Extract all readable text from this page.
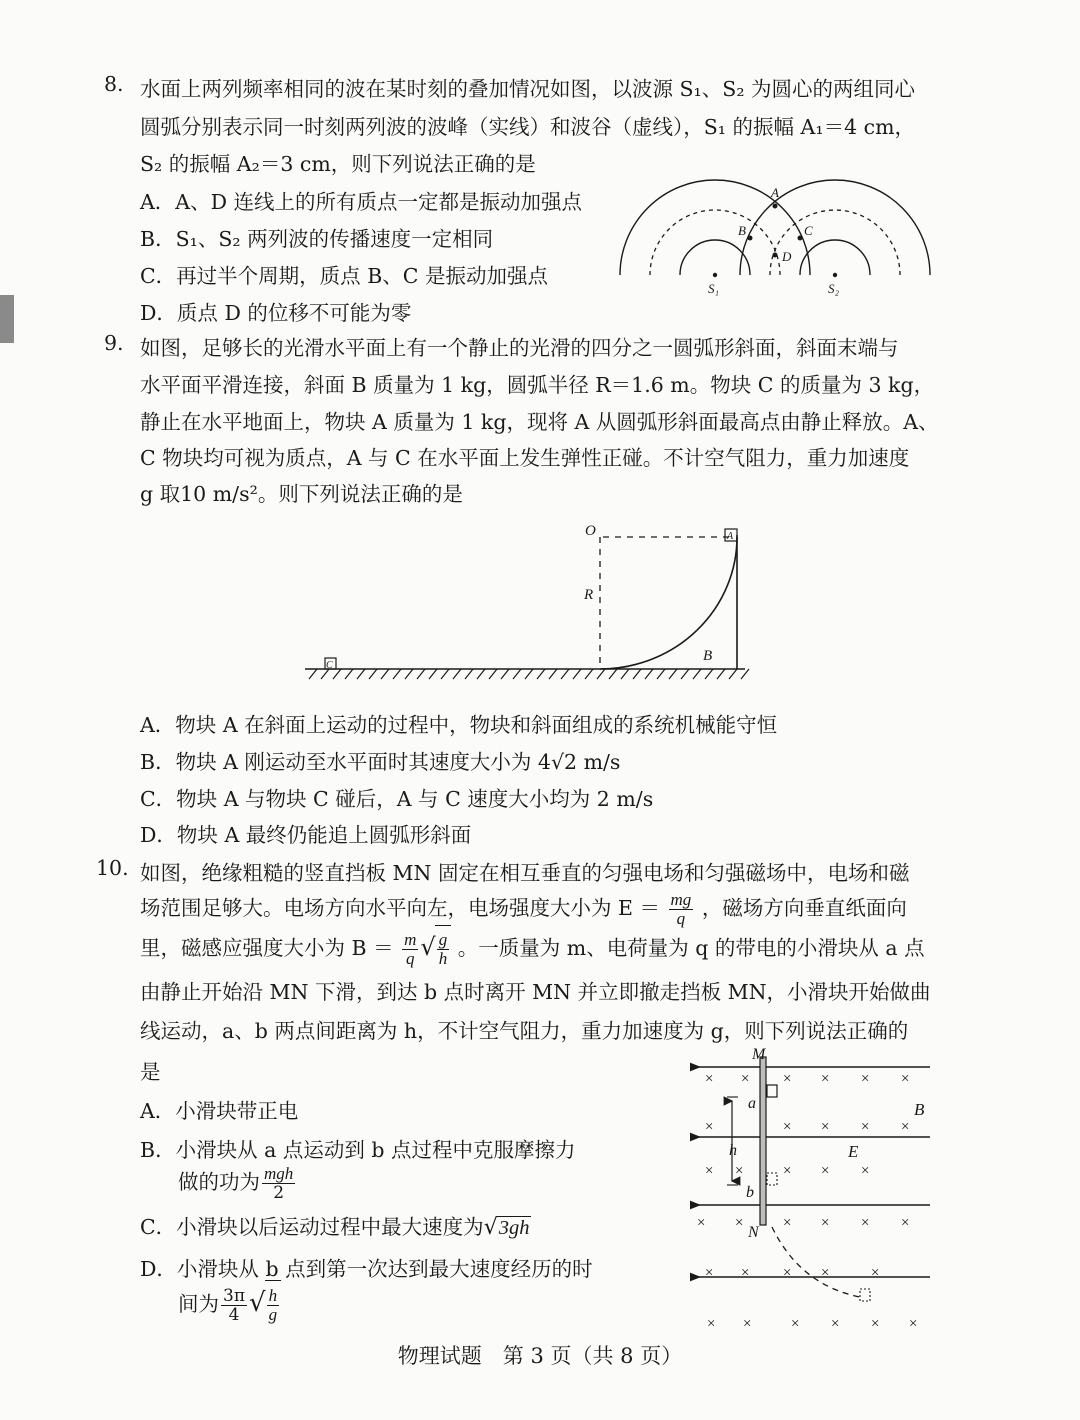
8. 水面上两列频率相同的波在某时刻的叠加情况如图，以波源 S₁、S₂ 为圆心的两组同心
圆弧分别表示同一时刻两列波的波峰（实线）和波谷（虚线），S₁ 的振幅 A₁＝4 cm，
S₂ 的振幅 A₂＝3 cm，则下列说法正确的是
A．A、D 连线上的所有质点一定都是振动加强点
B．S₁、S₂ 两列波的传播速度一定相同
C．再过半个周期，质点 B、C 是振动加强点
D．质点 D 的位移不可能为零
A
B	C
D
S₁	S₂
9. 如图，足够长的光滑水平面上有一个静止的光滑的四分之一圆弧形斜面，斜面末端与
水平面平滑连接，斜面 B 质量为 1 kg，圆弧半径 R＝1.6 m。物块 C 的质量为 3 kg，
静止在水平地面上，物块 A 质量为 1 kg，现将 A 从圆弧形斜面最高点由静止释放。A、
C 物块均可视为质点，A 与 C 在水平面上发生弹性正碰。不计空气阻力，重力加速度
g 取10 m/s²。则下列说法正确的是
C
A
O
R
B
A．物块 A 在斜面上运动的过程中，物块和斜面组成的系统机械能守恒
B．物块 A 刚运动至水平面时其速度大小为 4√2 m/s
C．物块 A 与物块 C 碰后，A 与 C 速度大小均为 2 m/s
D．物块 A 最终仍能追上圆弧形斜面
10. 如图，绝缘粗糙的竖直挡板 MN 固定在相互垂直的匀强电场和匀强磁场中，电场和磁
场范围足够大。电场方向水平向左，电场强度大小为 $E = \frac{mg}{q}$ ，磁场方向垂直纸面向
里，磁感应强度大小为 $B = \frac{m}{q}$ √ $\frac{g}{h}$ 。一质量为 m、电荷量为 q 的带电的小滑块从 a 点
由静止开始沿 MN 下滑，到达 b 点时离开 MN 并立即撤走挡板 MN，小滑块开始做曲
线运动，a、b 两点间距离为 h，不计空气阻力，重力加速度为 g，则下列说法正确的
是
A．小滑块带正电
B．小滑块从 a 点运动到 b 点过程中克服摩擦力
做的功为 $\frac{\text{mgh}}{2}$
C．小滑块以后运动过程中最大速度为√3gh
D．小滑块从 b 点到第一次达到最大速度经历的时
间为 $\frac{3\pi}{4}$ √ $\frac{h}{g}$
M
N
a
b
h
B
E
× × × × × ×
× × × ×
×
× ×	× × ×
× ×	× × × ×
× × × ×	×
× ×	× × × ×
物理试题　第 3 页（共 8 页）
